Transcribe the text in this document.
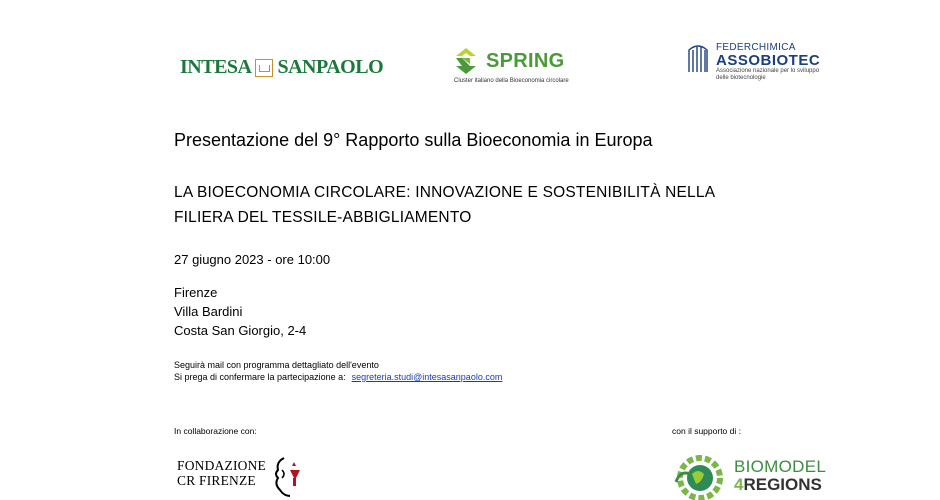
INTESA SANPAOLO	SPRING
Cluster italiano della Bioeconomia circolare
FEDERCHIMICA
ASSOBIOTEC
Associazione nazionale per lo sviluppo delle biotecnologie
Presentazione del 9° Rapporto sulla Bioeconomia in Europa
LA BIOECONOMIA CIRCOLARE: INNOVAZIONE E SOSTENIBILITÀ NELLA
FILIERA DEL TESSILE-ABBIGLIAMENTO
27 giugno 2023 - ore 10:00
Firenze
Villa Bardini
Costa San Giorgio, 2-4
Seguirà mail con programma dettagliato dell'evento
Si prega di confermare la partecipazione a: segreteria.studi@intesasanpaolo.com
In collaborazione con:	con il supporto di :
FONDAZIONE
CR FIRENZE
BIOMODEL
4REGIONS
